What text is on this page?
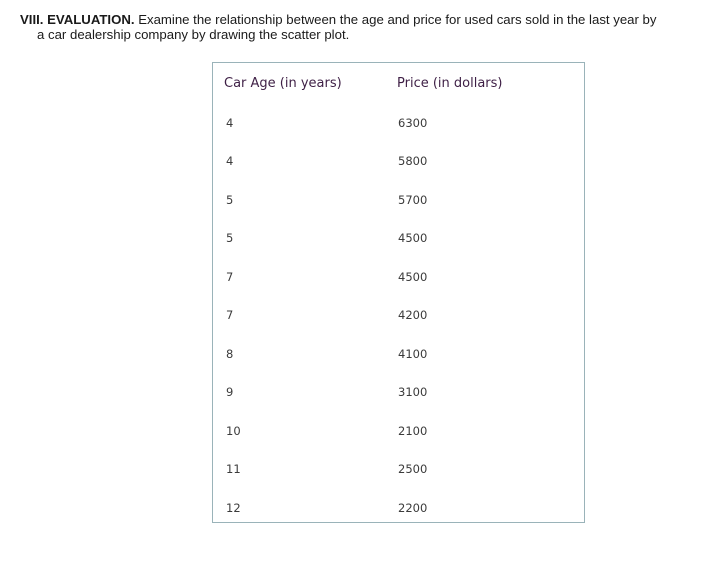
VIII. EVALUATION. Examine the relationship between the age and price for used cars sold in the last year by
a car dealership company by drawing the scatter plot.
Car Age (in years)	Price (in dollars)
4	6300
4	5800
5	5700
5	4500
7	4500
7	4200
8	4100
9	3100
10	2100
11	2500
12	2200
